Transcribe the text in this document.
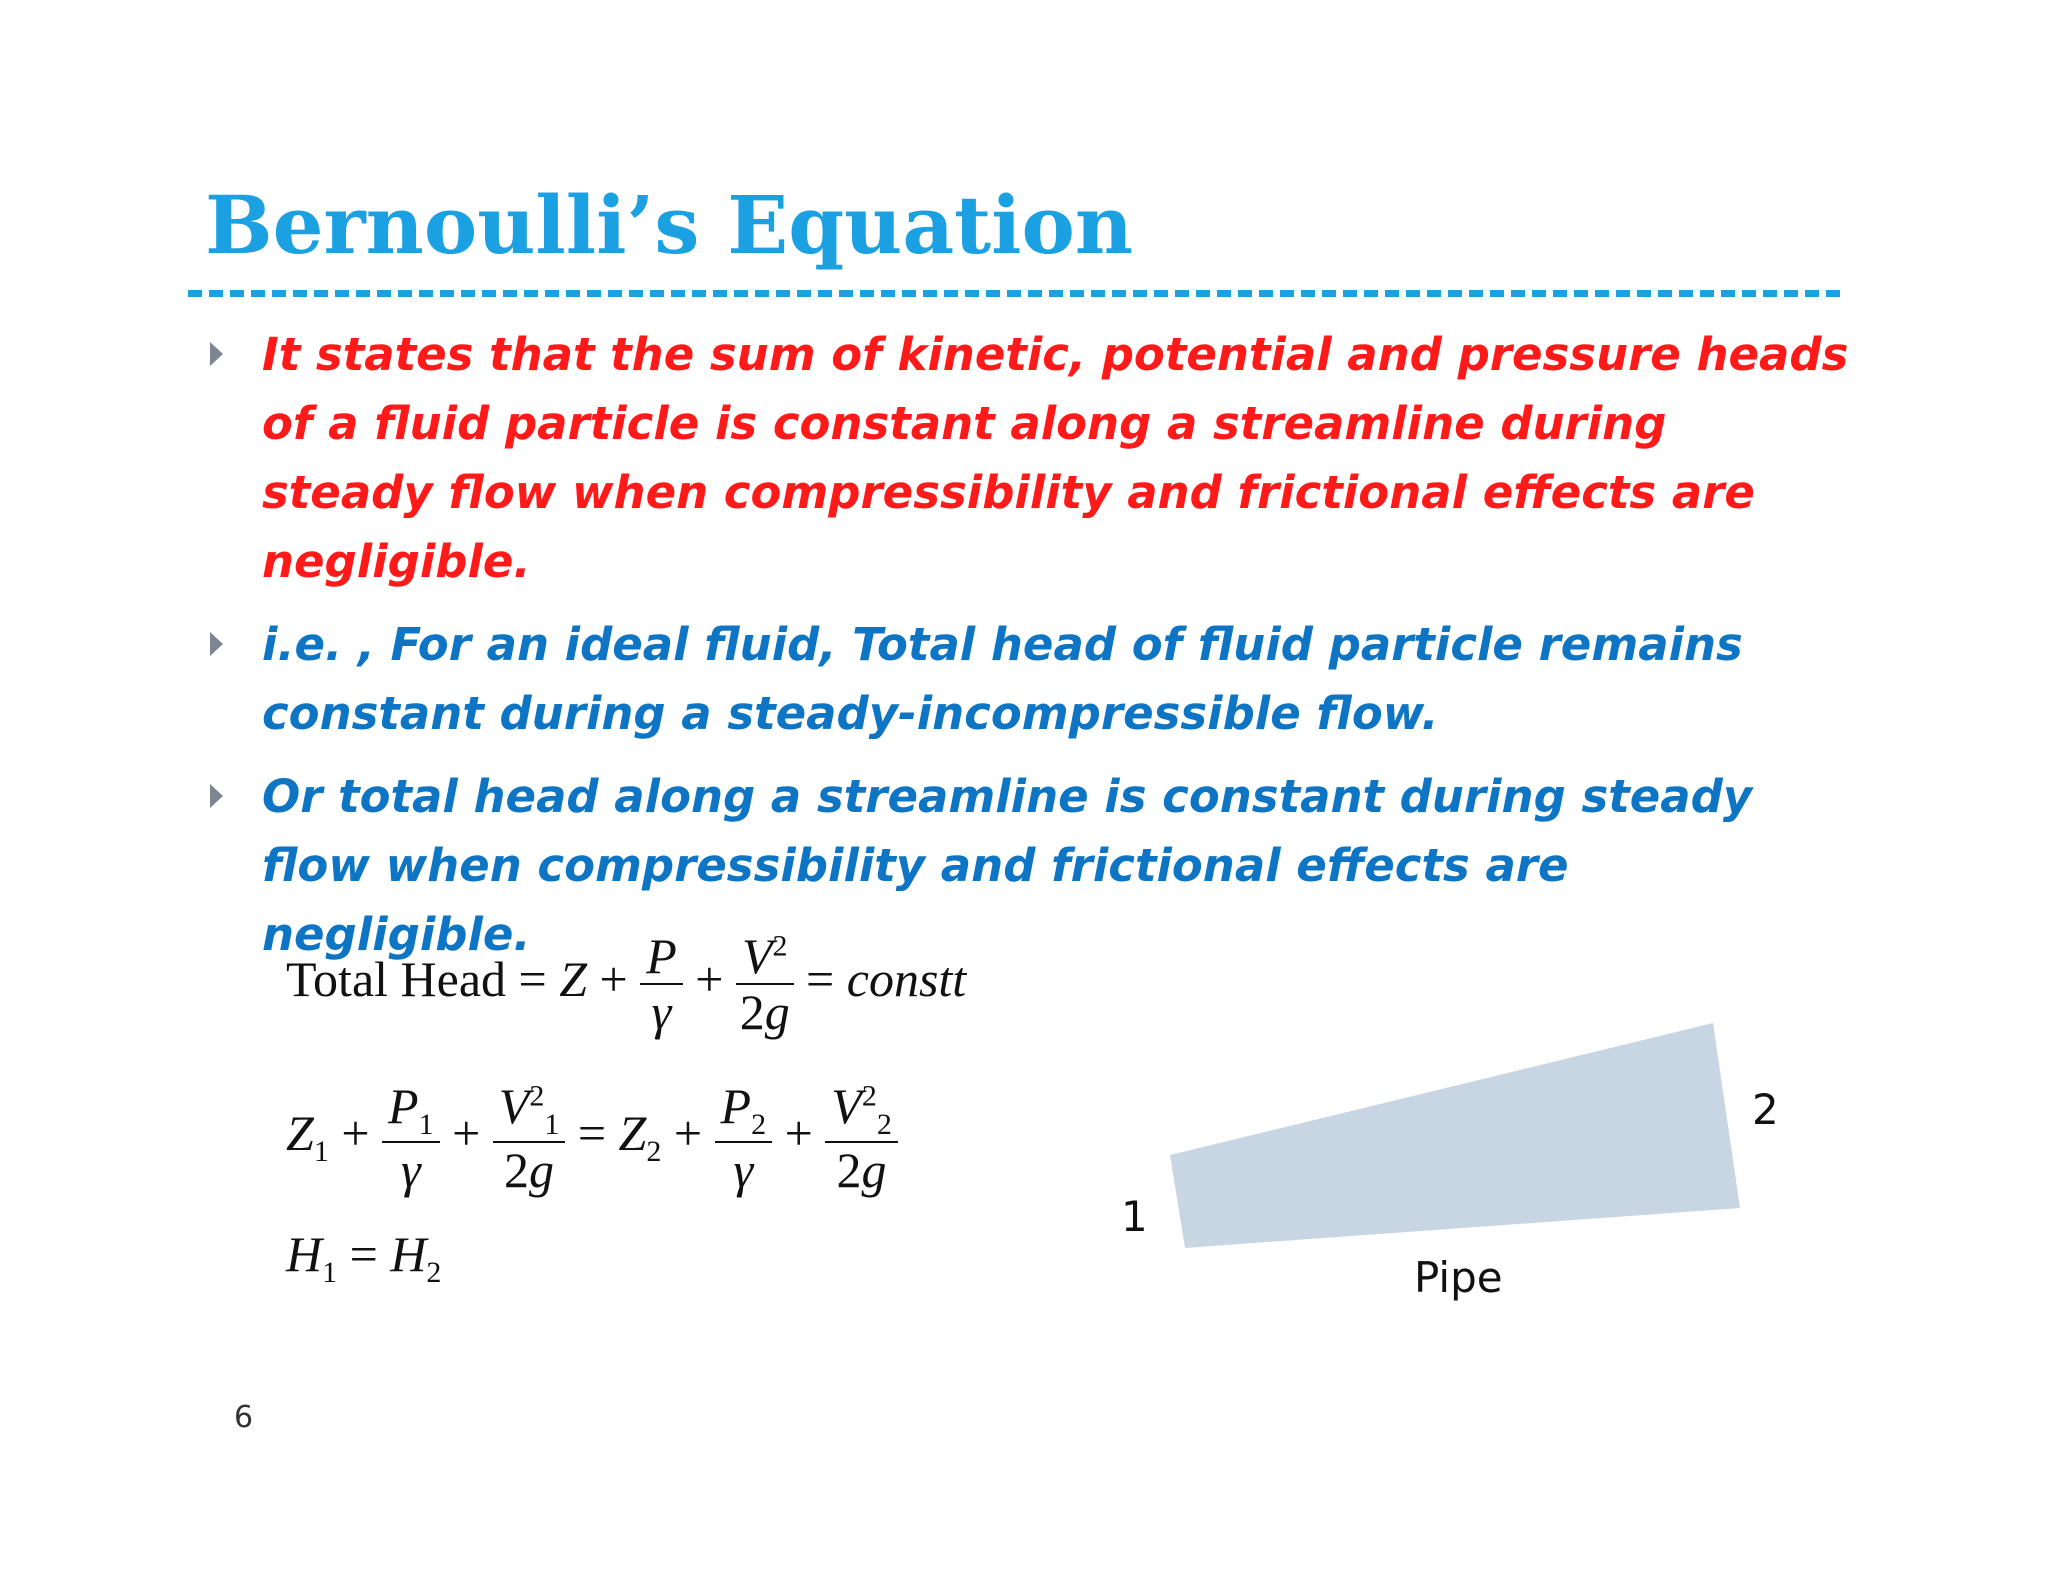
Bernoulli’s Equation
It states that the sum of kinetic, potential and pressure heads of a fluid particle is constant along a streamline during steady flow when compressibility and frictional effects are negligible.
i.e. , For an ideal fluid, Total head of fluid particle remains constant during a steady-incompressible flow.
Or total head along a streamline is constant during steady flow when compressibility and frictional effects are negligible.
Total Head = $Z + \frac{P}{\gamma} + \frac{V^2}{2g}$ = constt
$Z_1 + \frac{P_1}{\gamma} + \frac{V^2_1}{2g} = Z_2 + \frac{P_2}{\gamma} + \frac{V^2_2}{2g}$
$H_1 = H_2$
1
2
Pipe
6
